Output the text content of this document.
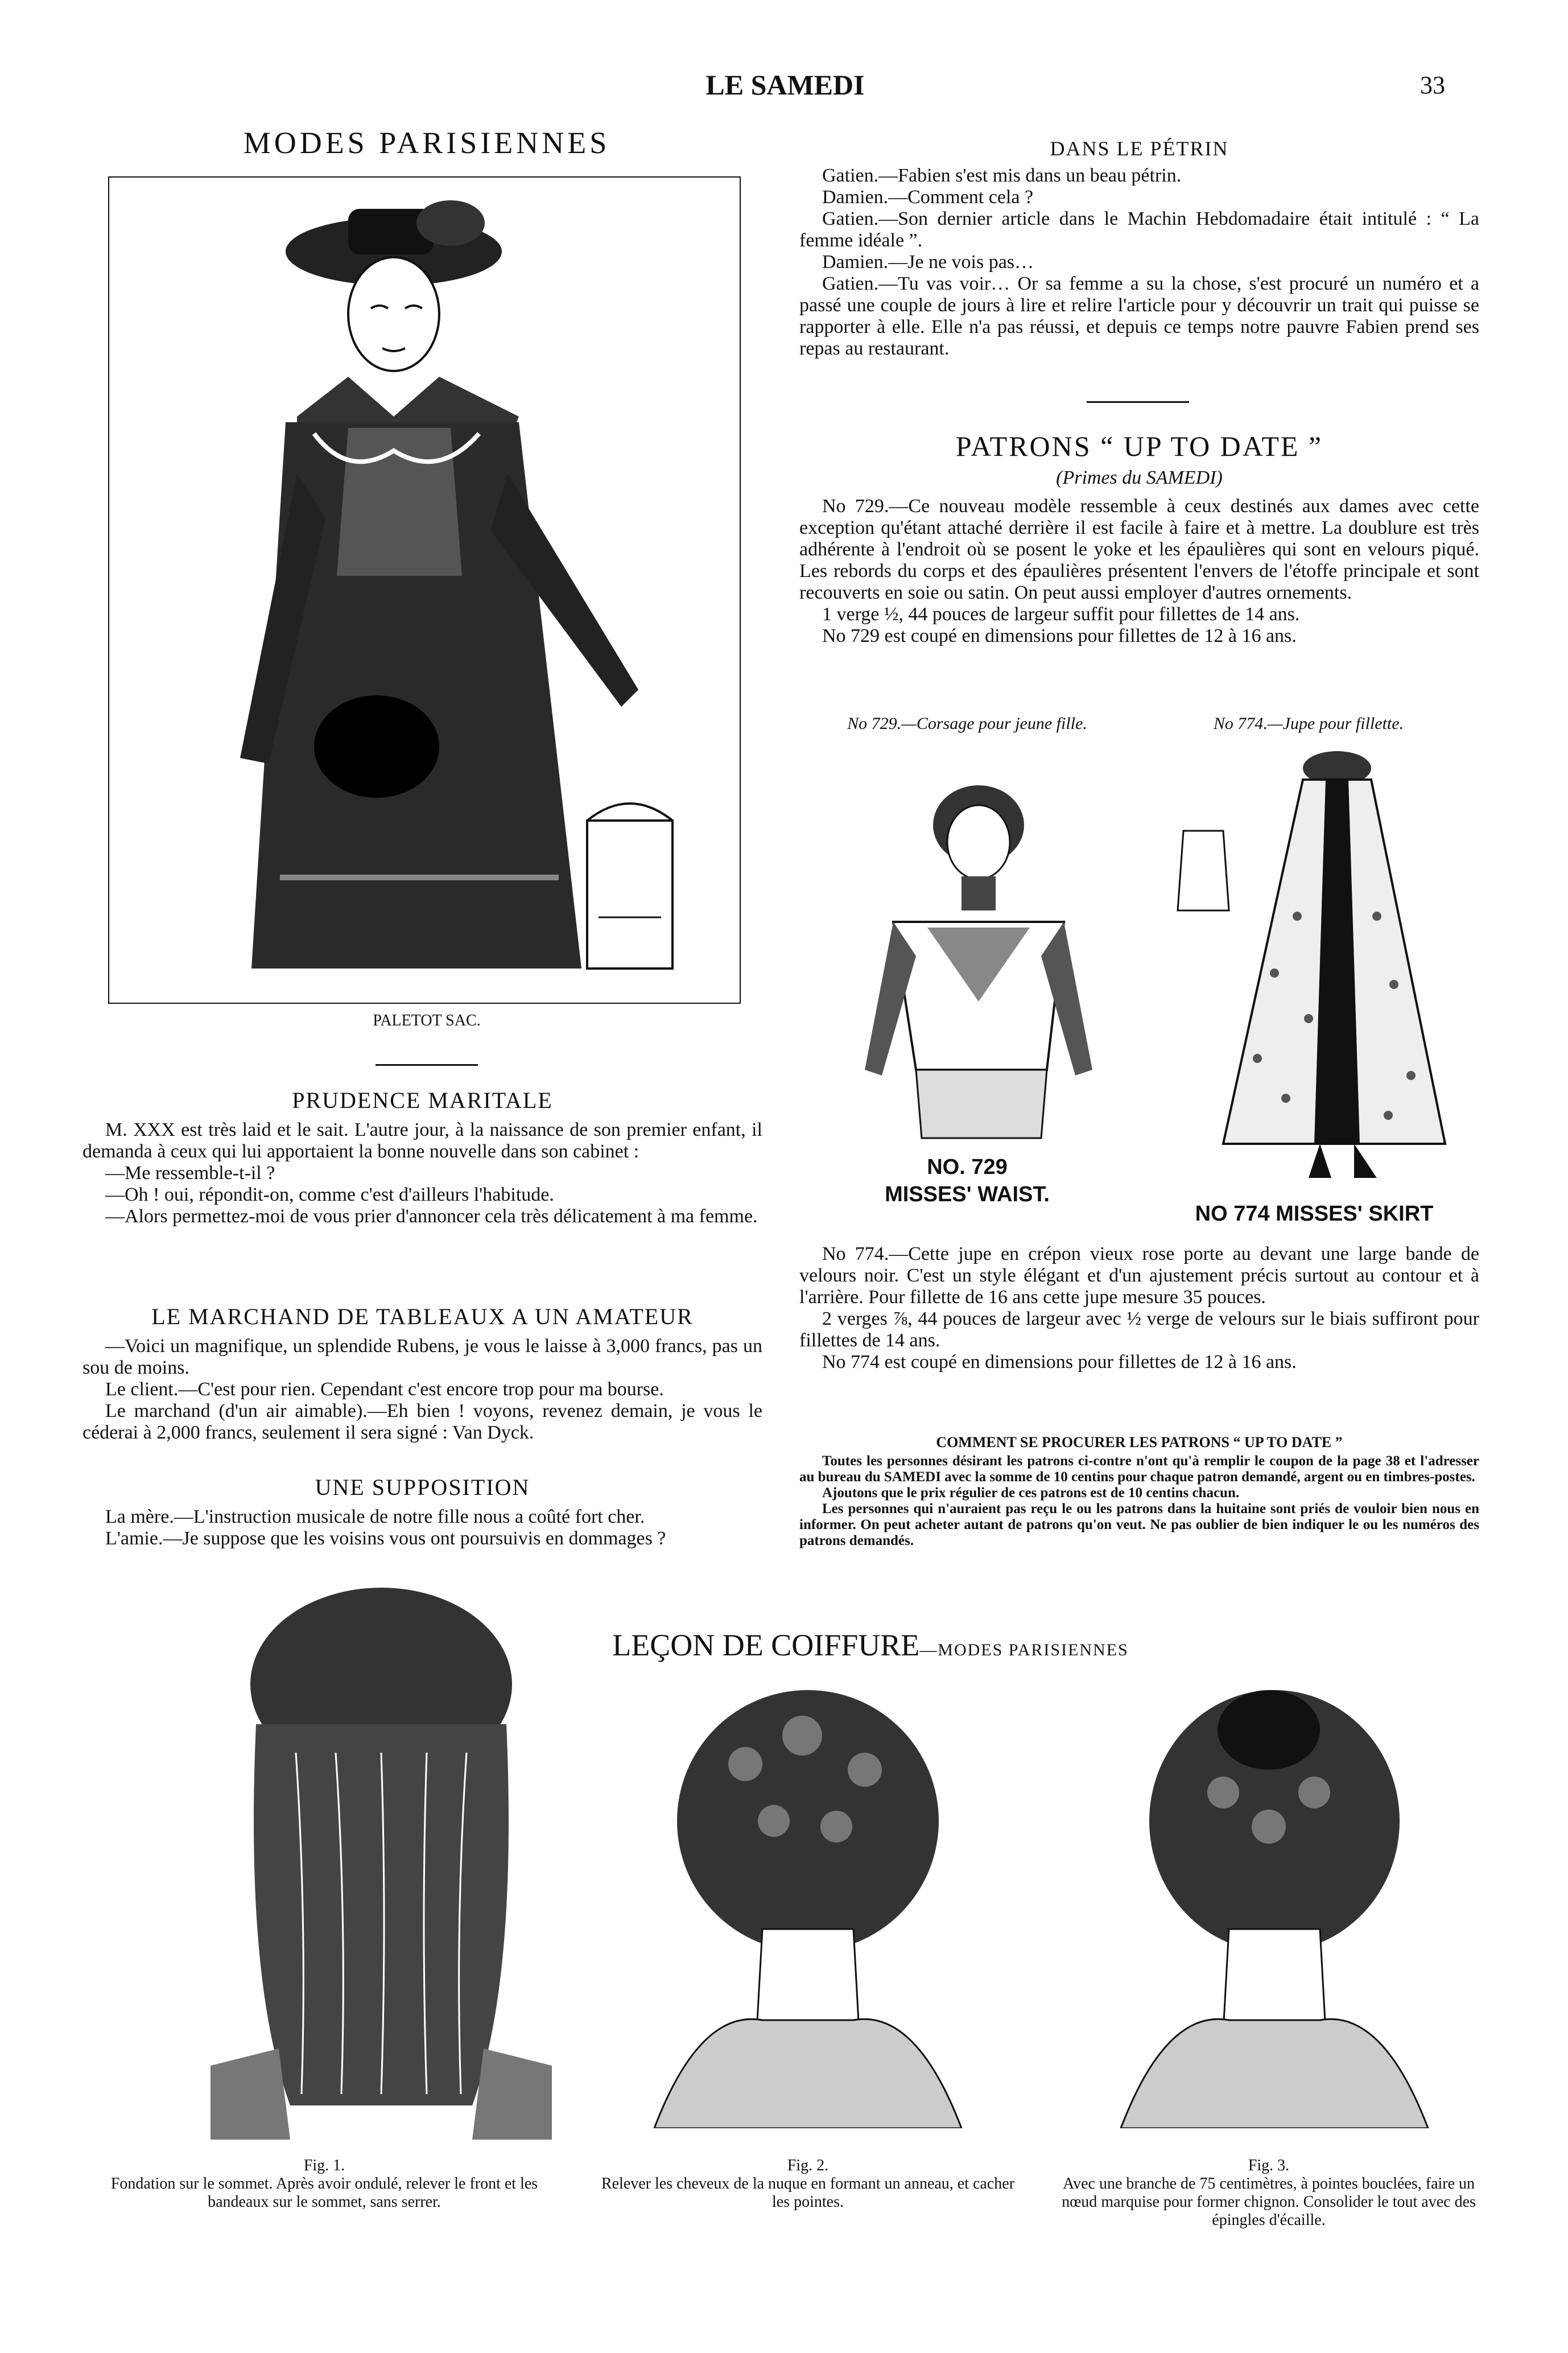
LE SAMEDI	33
MODES PARISIENNES
PALETOT SAC.
PRUDENCE MARITALE

M. XXX est très laid et le sait. L'autre jour, à la naissance de son premier enfant, il demanda à ceux qui lui apportaient la bonne nouvelle dans son cabinet :

—Me ressemble-t-il ?

—Oh ! oui, répondit-on, comme c'est d'ailleurs l'habitude.

—Alors permettez-moi de vous prier d'annoncer cela très délicatement à ma femme.

LE MARCHAND DE TABLEAUX A UN AMATEUR

—Voici un magnifique, un splendide Rubens, je vous le laisse à 3,000 francs, pas un sou de moins.

Le client.—C'est pour rien. Cependant c'est encore trop pour ma bourse.

Le marchand (d'un air aimable).—Eh bien ! voyons, revenez demain, je vous le céderai à 2,000 francs, seulement il sera signé : Van Dyck.

UNE SUPPOSITION

La mère.—L'instruction musicale de notre fille nous a coûté fort cher.

L'amie.—Je suppose que les voisins vous ont poursuivis en dommages ?

DANS LE PÉTRIN

Gatien.—Fabien s'est mis dans un beau pétrin.

Damien.—Comment cela ?

Gatien.—Son dernier article dans le Machin Hebdomadaire était intitulé : “ La femme idéale ”.

Damien.—Je ne vois pas…

Gatien.—Tu vas voir… Or sa femme a su la chose, s'est procuré un numéro et a passé une couple de jours à lire et relire l'article pour y découvrir un trait qui puisse se rapporter à elle. Elle n'a pas réussi, et depuis ce temps notre pauvre Fabien prend ses repas au restaurant.

PATRONS “ UP TO DATE ”
(Primes du SAMEDI)

No 729.—Ce nouveau modèle ressemble à ceux destinés aux dames avec cette exception qu'étant attaché derrière il est facile à faire et à mettre. La doublure est très adhérente à l'endroit où se posent le yoke et les épaulières qui sont en velours piqué. Les rebords du corps et des épaulières présentent l'envers de l'étoffe principale et sont recouverts en soie ou satin. On peut aussi employer d'autres ornements.

1 verge ½, 44 pouces de largeur suffit pour fillettes de 14 ans.

No 729 est coupé en dimensions pour fillettes de 12 à 16 ans.

No 729.—Corsage pour jeune fille.	No 774.—Jupe pour fillette.
NO. 729
MISSES' WAIST.
NO 774 MISSES' SKIRT

No 774.—Cette jupe en crépon vieux rose porte au devant une large bande de velours noir. C'est un style élégant et d'un ajustement précis surtout au contour et à l'arrière. Pour fillette de 16 ans cette jupe mesure 35 pouces.

2 verges ⅞, 44 pouces de largeur avec ½ verge de velours sur le biais suffiront pour fillettes de 14 ans.

No 774 est coupé en dimensions pour fillettes de 12 à 16 ans.

COMMENT SE PROCURER LES PATRONS “ UP TO DATE ”

Toutes les personnes désirant les patrons ci-contre n'ont qu'à remplir le coupon de la page 38 et l'adresser au bureau du SAMEDI avec la somme de 10 centins pour chaque patron demandé, argent ou en timbres-postes.

Ajoutons que le prix régulier de ces patrons est de 10 centins chacun.

Les personnes qui n'auraient pas reçu le ou les patrons dans la huitaine sont priés de vouloir bien nous en informer. On peut acheter autant de patrons qu'on veut. Ne pas oublier de bien indiquer le ou les numéros des patrons demandés.

LEÇON DE COIFFURE—MODES PARISIENNES
Fig. 1.

Fondation sur le sommet. Après avoir ondulé, relever le front et les bandeaux sur le sommet, sans serrer.

Fig. 2.

Relever les cheveux de la nuque en formant un anneau, et cacher les pointes.

Fig. 3.

Avec une branche de 75 centimètres, à pointes bouclées, faire un nœud marquise pour former chignon. Consolider le tout avec des épingles d'écaille.
